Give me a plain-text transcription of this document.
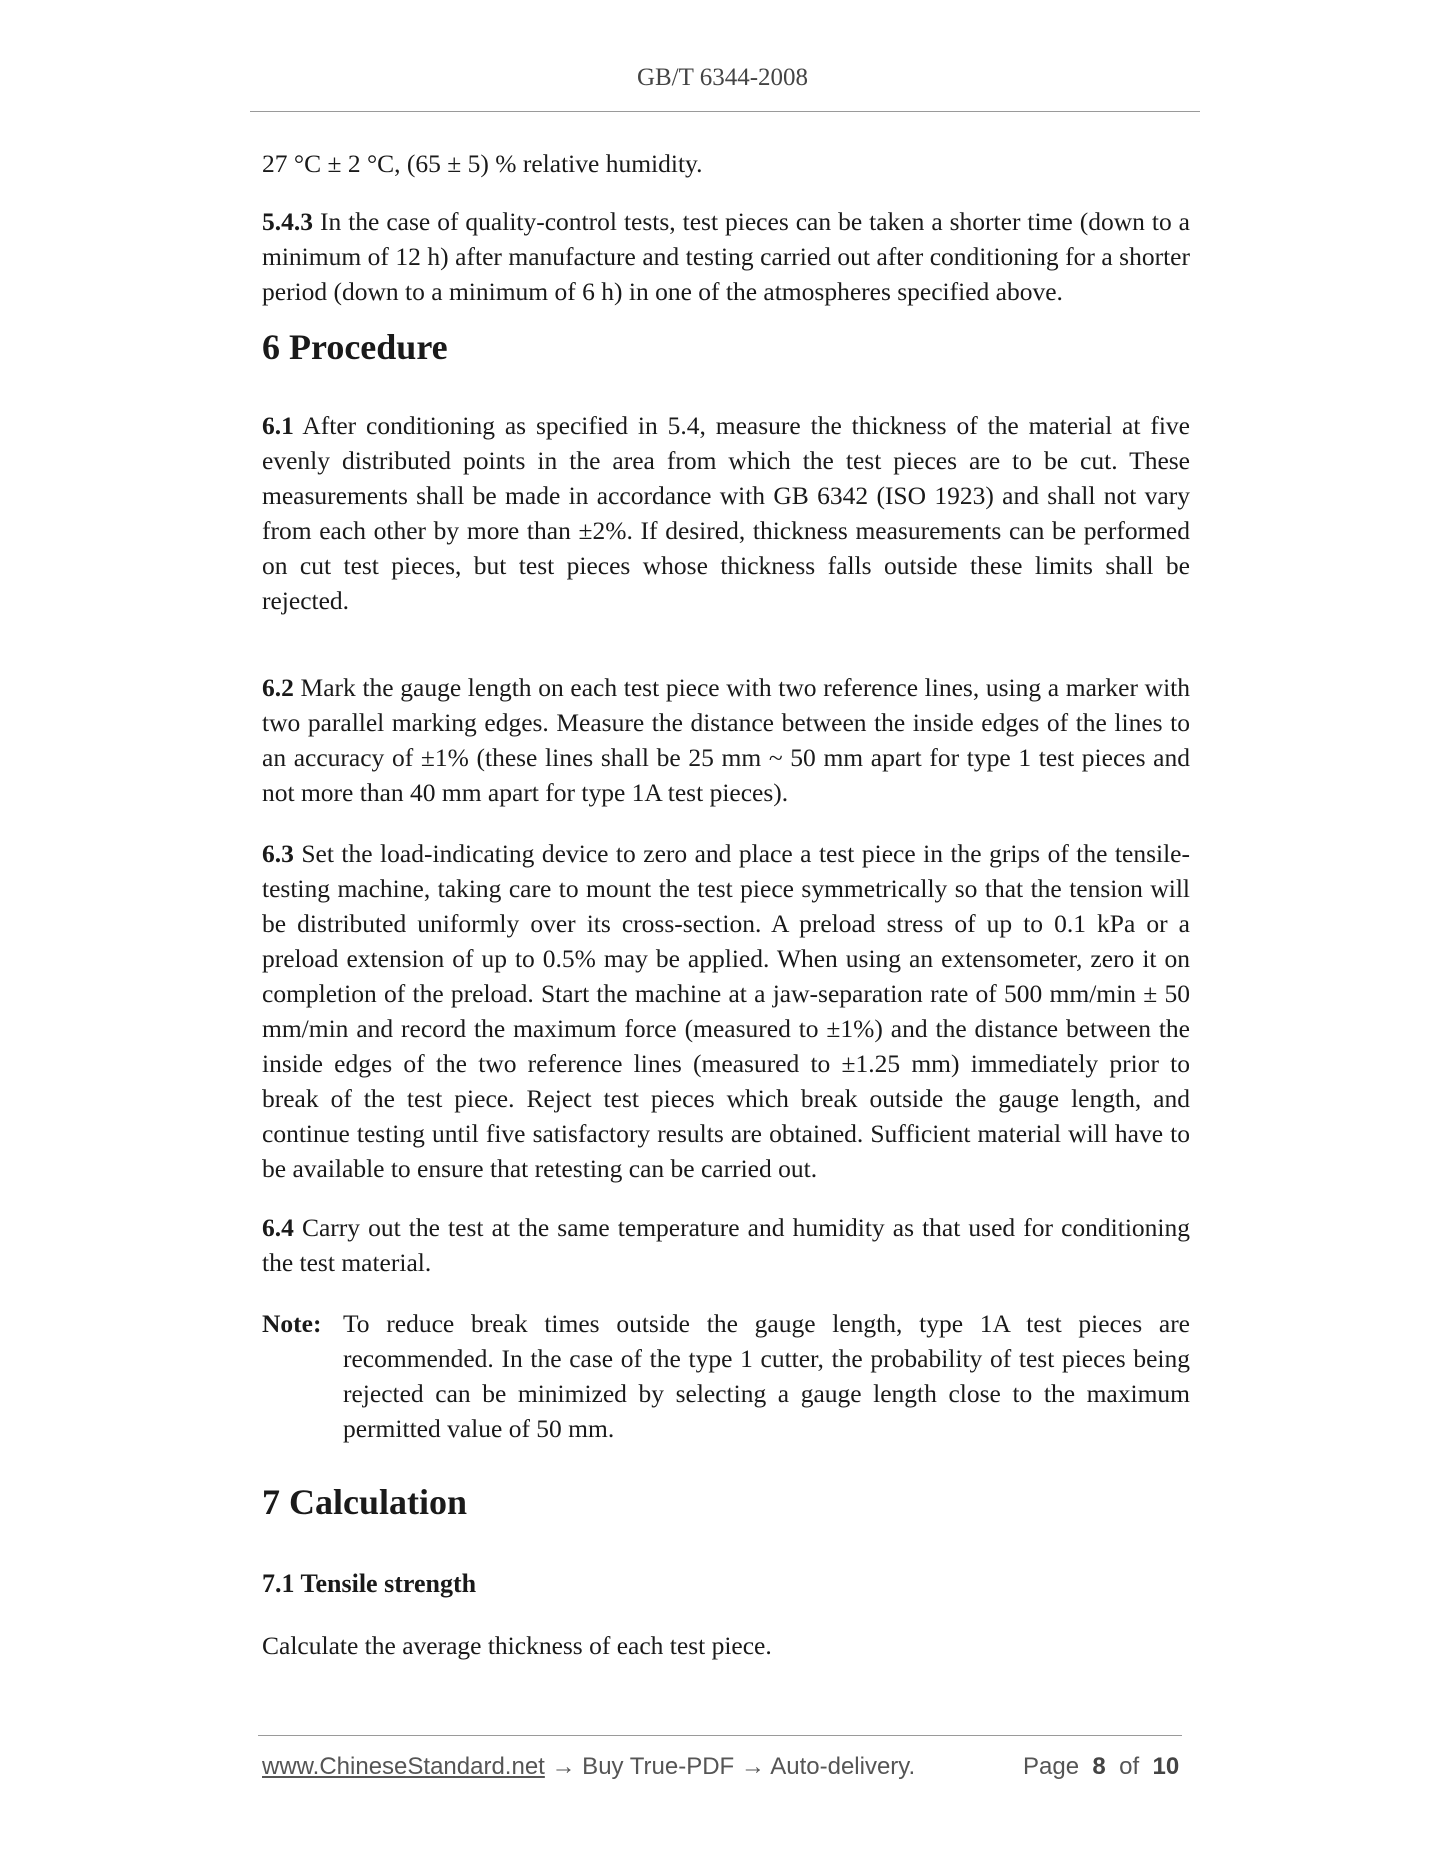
GB/T 6344-2008
27 °C ± 2 °C, (65 ± 5) % relative humidity.
5.4.3 In the case of quality-control tests, test pieces can be taken a shorter time (down to a minimum of 12 h) after manufacture and testing carried out after conditioning for a shorter period (down to a minimum of 6 h) in one of the atmospheres specified above.
6 Procedure
6.1 After conditioning as specified in 5.4, measure the thickness of the material at five evenly distributed points in the area from which the test pieces are to be cut. These measurements shall be made in accordance with GB 6342 (ISO 1923) and shall not vary from each other by more than ±2%. If desired, thickness measurements can be performed on cut test pieces, but test pieces whose thickness falls outside these limits shall be rejected.
6.2 Mark the gauge length on each test piece with two reference lines, using a marker with two parallel marking edges. Measure the distance between the inside edges of the lines to an accuracy of ±1% (these lines shall be 25 mm ~ 50 mm apart for type 1 test pieces and not more than 40 mm apart for type 1A test pieces).
6.3 Set the load-indicating device to zero and place a test piece in the grips of the tensile-testing machine, taking care to mount the test piece symmetrically so that the tension will be distributed uniformly over its cross-section. A preload stress of up to 0.1 kPa or a preload extension of up to 0.5% may be applied. When using an extensometer, zero it on completion of the preload. Start the machine at a jaw-separation rate of 500 mm/min ± 50 mm/min and record the maximum force (measured to ±1%) and the distance between the inside edges of the two reference lines (measured to ±1.25 mm) immediately prior to break of the test piece. Reject test pieces which break outside the gauge length, and continue testing until five satisfactory results are obtained. Sufficient material will have to be available to ensure that retesting can be carried out.
6.4 Carry out the test at the same temperature and humidity as that used for conditioning the test material.
Note: To reduce break times outside the gauge length, type 1A test pieces are recommended. In the case of the type 1 cutter, the probability of test pieces being rejected can be minimized by selecting a gauge length close to the maximum permitted value of 50 mm.
7 Calculation
7.1 Tensile strength
Calculate the average thickness of each test piece.
www.ChineseStandard.net → Buy True-PDF → Auto-delivery.	Page 8 of 10
